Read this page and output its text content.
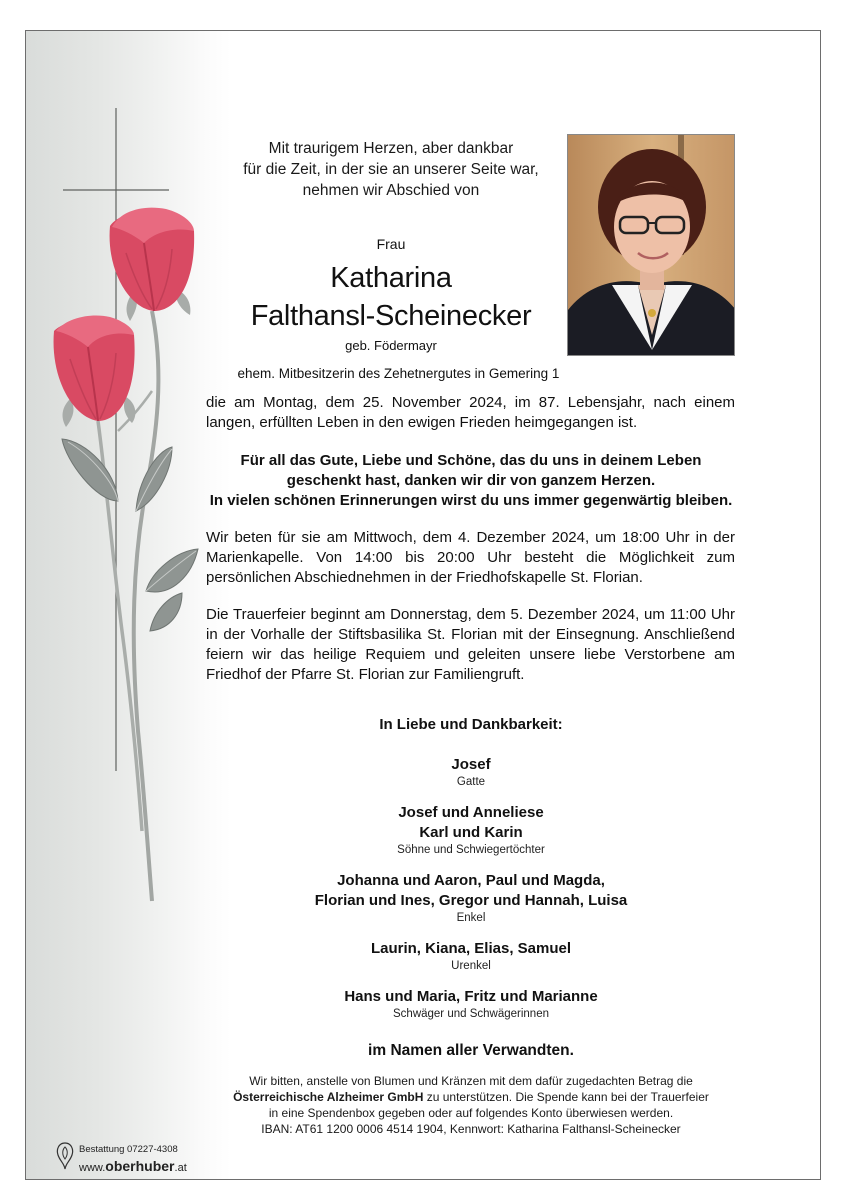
Mit traurigem Herzen, aber dankbar
für die Zeit, in der sie an unserer Seite war,
nehmen wir Abschied von
Frau
Katharina
Falthansl-Scheinecker
geb. Födermayr
ehem. Mitbesitzerin des Zehetnergutes in Gemering 1
die am Montag, dem 25. November 2024, im 87. Lebensjahr, nach einem langen, erfüllten Leben in den ewigen Frieden heimgegangen ist.
Für all das Gute, Liebe und Schöne, das du uns in deinem Leben
geschenkt hast, danken wir dir von ganzem Herzen.
In vielen schönen Erinnerungen wirst du uns immer gegenwärtig bleiben.
Wir beten für sie am Mittwoch, dem 4. Dezember 2024, um 18:00 Uhr in der Marienkapelle. Von 14:00 bis 20:00 Uhr besteht die Möglichkeit zum persönlichen Abschiednehmen in der Friedhofskapelle St. Florian.
Die Trauerfeier beginnt am Donnerstag, dem 5. Dezember 2024, um 11:00 Uhr in der Vorhalle der Stiftsbasilika St. Florian mit der Einsegnung. Anschließend feiern wir das heilige Requiem und geleiten unsere liebe Verstorbene am Friedhof der Pfarre St. Florian zur Familiengruft.
In Liebe und Dankbarkeit:
Josef
Gatte
Josef und Anneliese
Karl und Karin
Söhne und Schwiegertöchter
Johanna und Aaron, Paul und Magda,
Florian und Ines, Gregor und Hannah, Luisa
Enkel
Laurin, Kiana, Elias, Samuel
Urenkel
Hans und Maria, Fritz und Marianne
Schwäger und Schwägerinnen
im Namen aller Verwandten.
Wir bitten, anstelle von Blumen und Kränzen mit dem dafür zugedachten Betrag die
Österreichische Alzheimer GmbH zu unterstützen. Die Spende kann bei der Trauerfeier
in eine Spendenbox gegeben oder auf folgendes Konto überwiesen werden.
IBAN: AT61 1200 0006 4514 1904, Kennwort: Katharina Falthansl-Scheinecker
Bestattung 07227-4308
www.oberhuber.at
